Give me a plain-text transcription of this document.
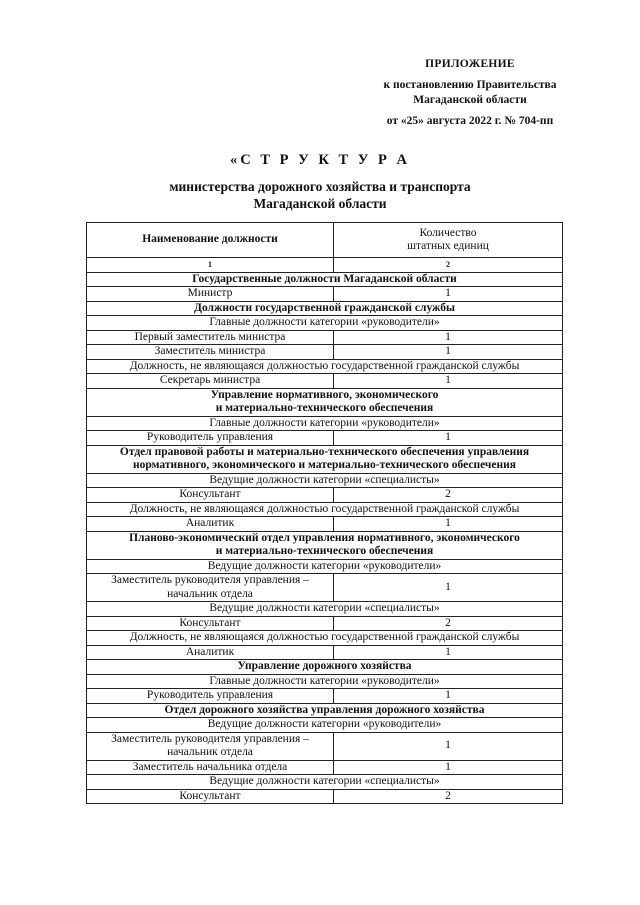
ПРИЛОЖЕНИЕ
к постановлению Правительства
Магаданской области
от «25» августа 2022 г. № 704-пп
«С Т Р У К Т У Р А
министерства дорожного хозяйства и транспорта
Магаданской области
Наименование должности	Количество
штатных единиц

1	2
Государственные должности Магаданской области	
Министр	1
Должности государственной гражданской службы	
Главные должности категории «руководители»	
Первый заместитель министра	1
Заместитель министра	1
Должность, не являющаяся должностью государственной гражданской службы	
Секретарь министра	1

Управление нормативного, экономического
и материально-технического обеспечения	

Главные должности категории «руководители»	
Руководитель управления	1

Отдел правовой работы и материально-технического обеспечения управления
нормативного, экономического и материально-технического обеспечения	

Ведущие должности категории «специалисты»	
Консультант	2
Должность, не являющаяся должностью государственной гражданской службы	
Аналитик	1

Планово-экономический отдел управления нормативного, экономического
и материально-технического обеспечения	

Ведущие должности категории «руководители»	

Заместитель руководителя управления –
начальник отдела	1
Ведущие должности категории «специалисты»	
Консультант	2
Должность, не являющаяся должностью государственной гражданской службы	
Аналитик	1
Управление дорожного хозяйства	
Главные должности категории «руководители»	
Руководитель управления	1
Отдел дорожного хозяйства управления дорожного хозяйства	
Ведущие должности категории «руководители»	

Заместитель руководителя управления –
начальник отдела	1
Заместитель начальника отдела	1
Ведущие должности категории «специалисты»	
Консультант	2
